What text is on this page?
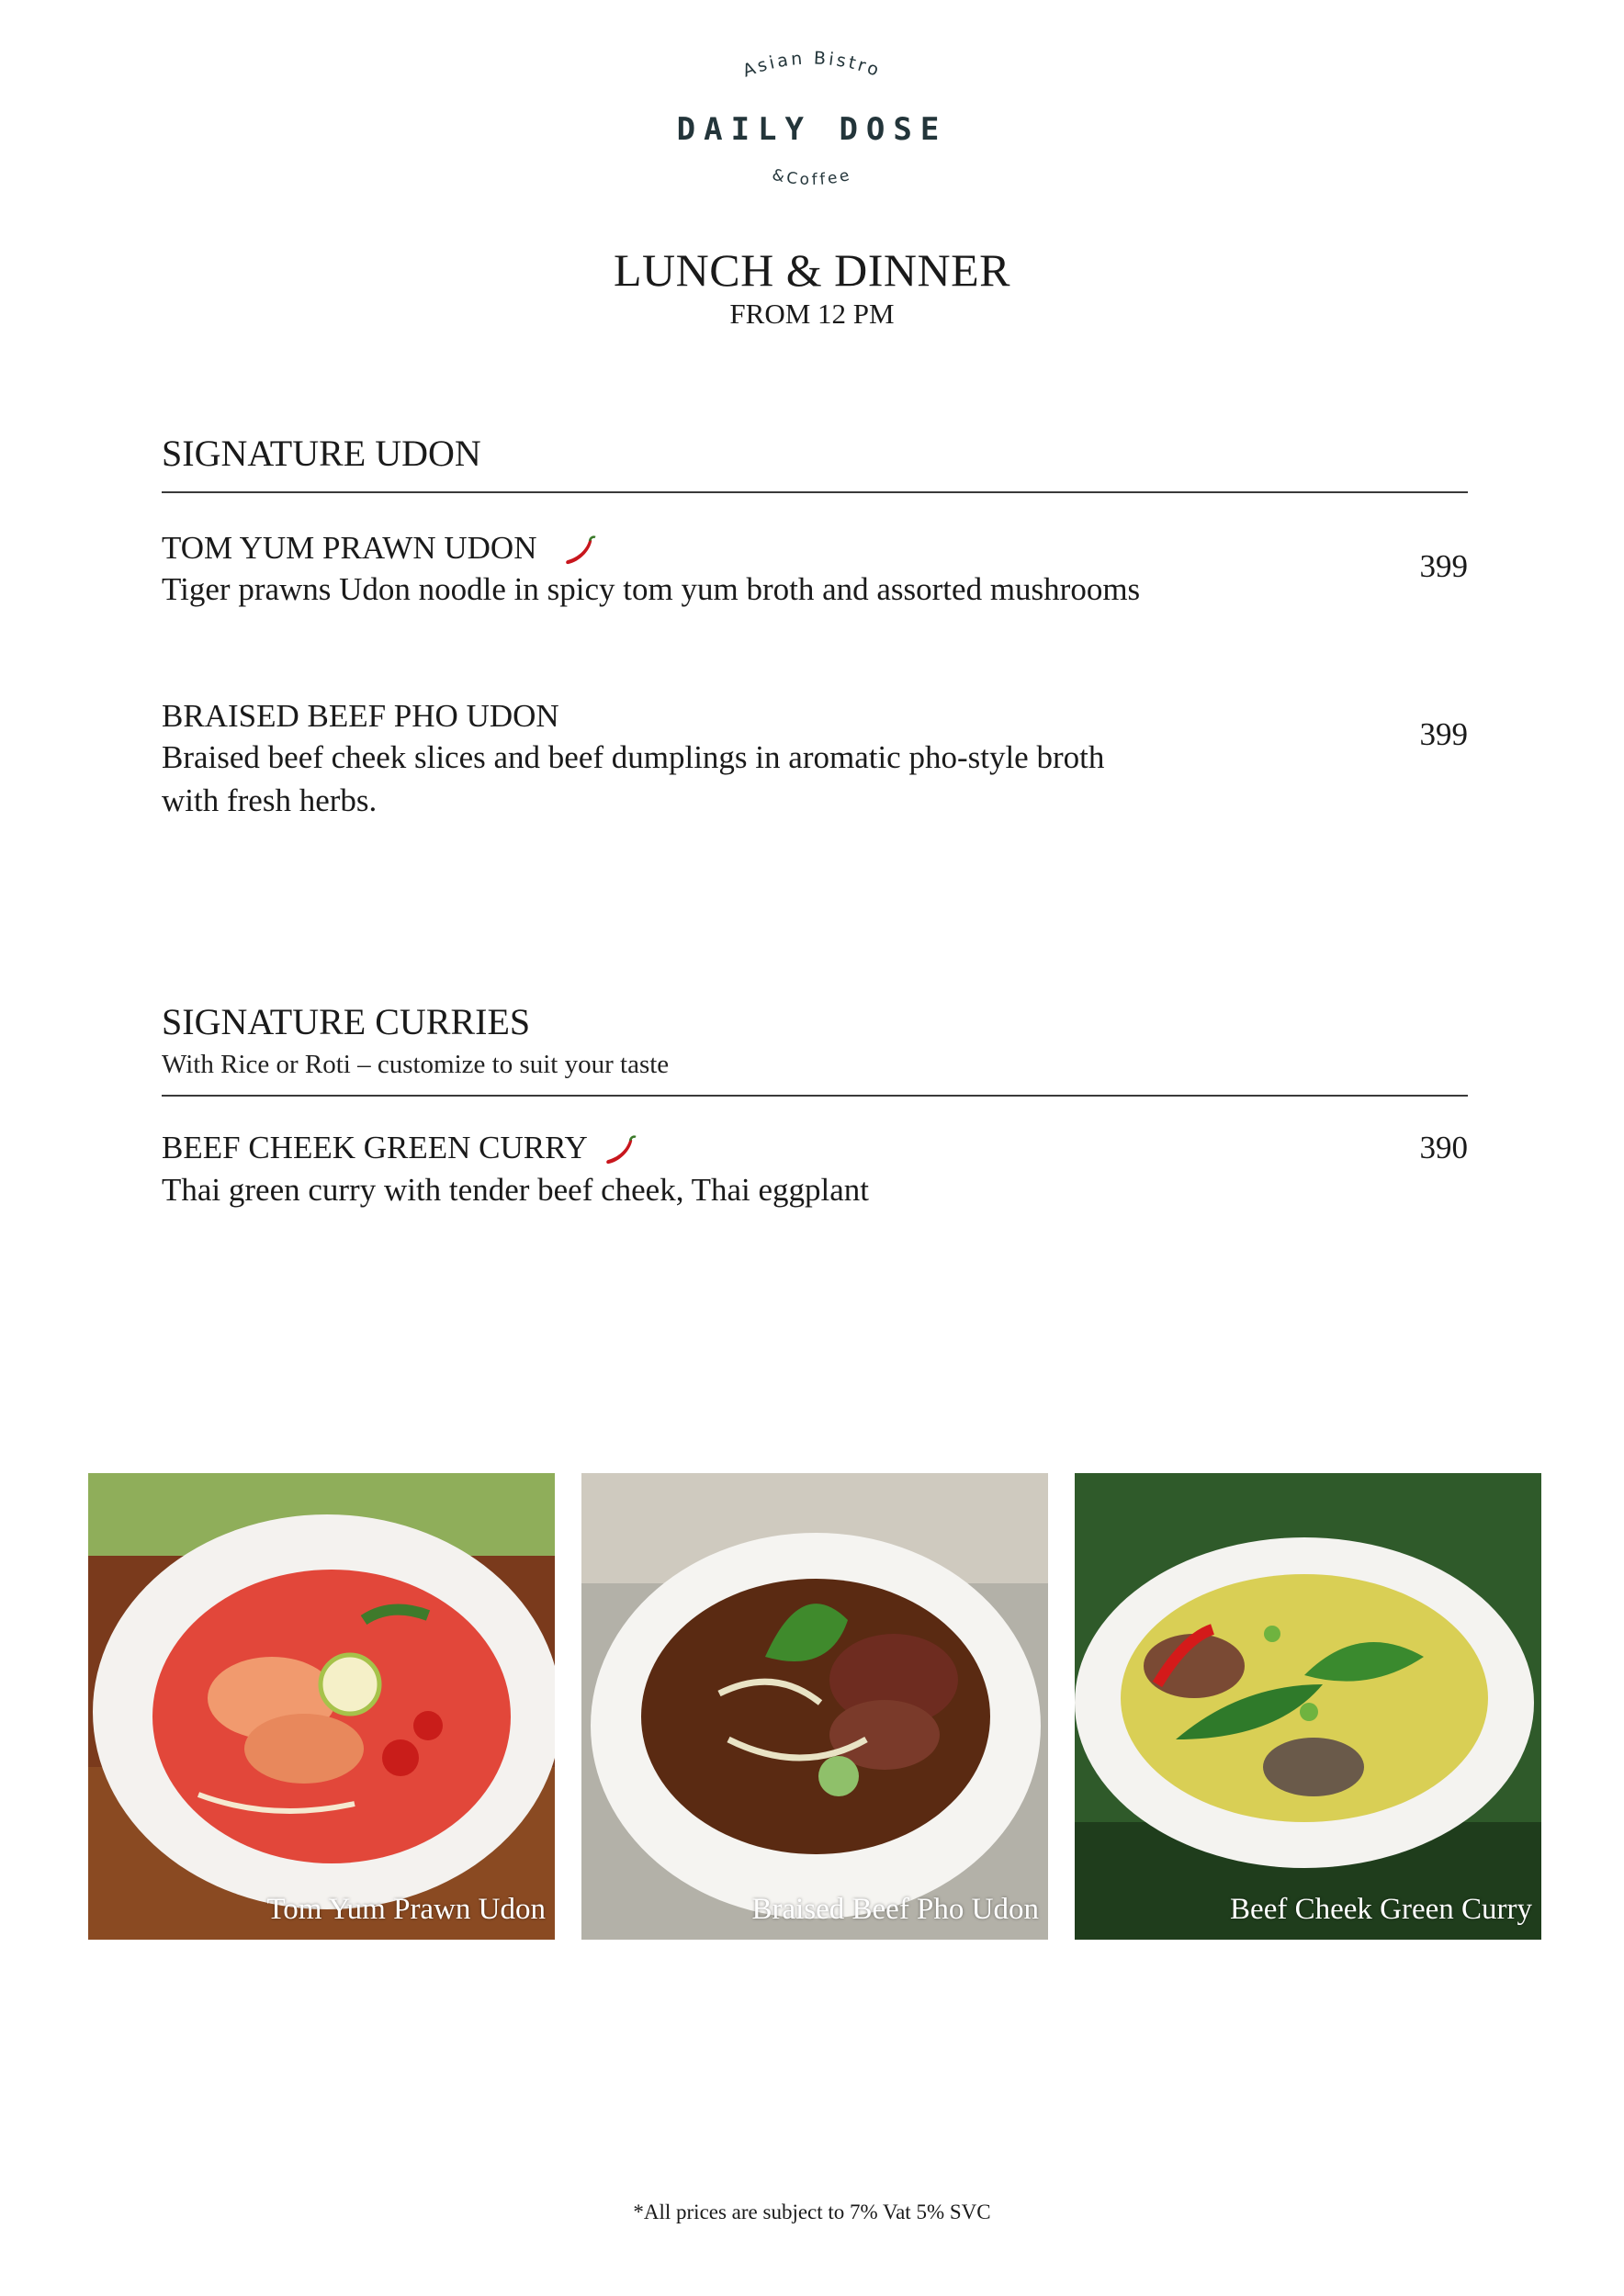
Asian Bistro
DAILY DOSE
&Coffee
LUNCH & DINNER
FROM 12 PM
SIGNATURE UDON
TOM YUM PRAWN UDON
Tiger prawns Udon noodle in spicy tom yum broth and assorted mushrooms
399
BRAISED BEEF PHO UDON
Braised beef cheek slices and beef dumplings in aromatic pho-style broth
with fresh herbs.
399
SIGNATURE CURRIES
With Rice or Roti – customize to suit your taste
BEEF CHEEK GREEN CURRY
Thai green curry with tender beef cheek, Thai eggplant
390
Tom Yum Prawn Udon	Braised Beef Pho Udon	Beef Cheek Green Curry
*All prices are subject to 7% Vat 5% SVC
